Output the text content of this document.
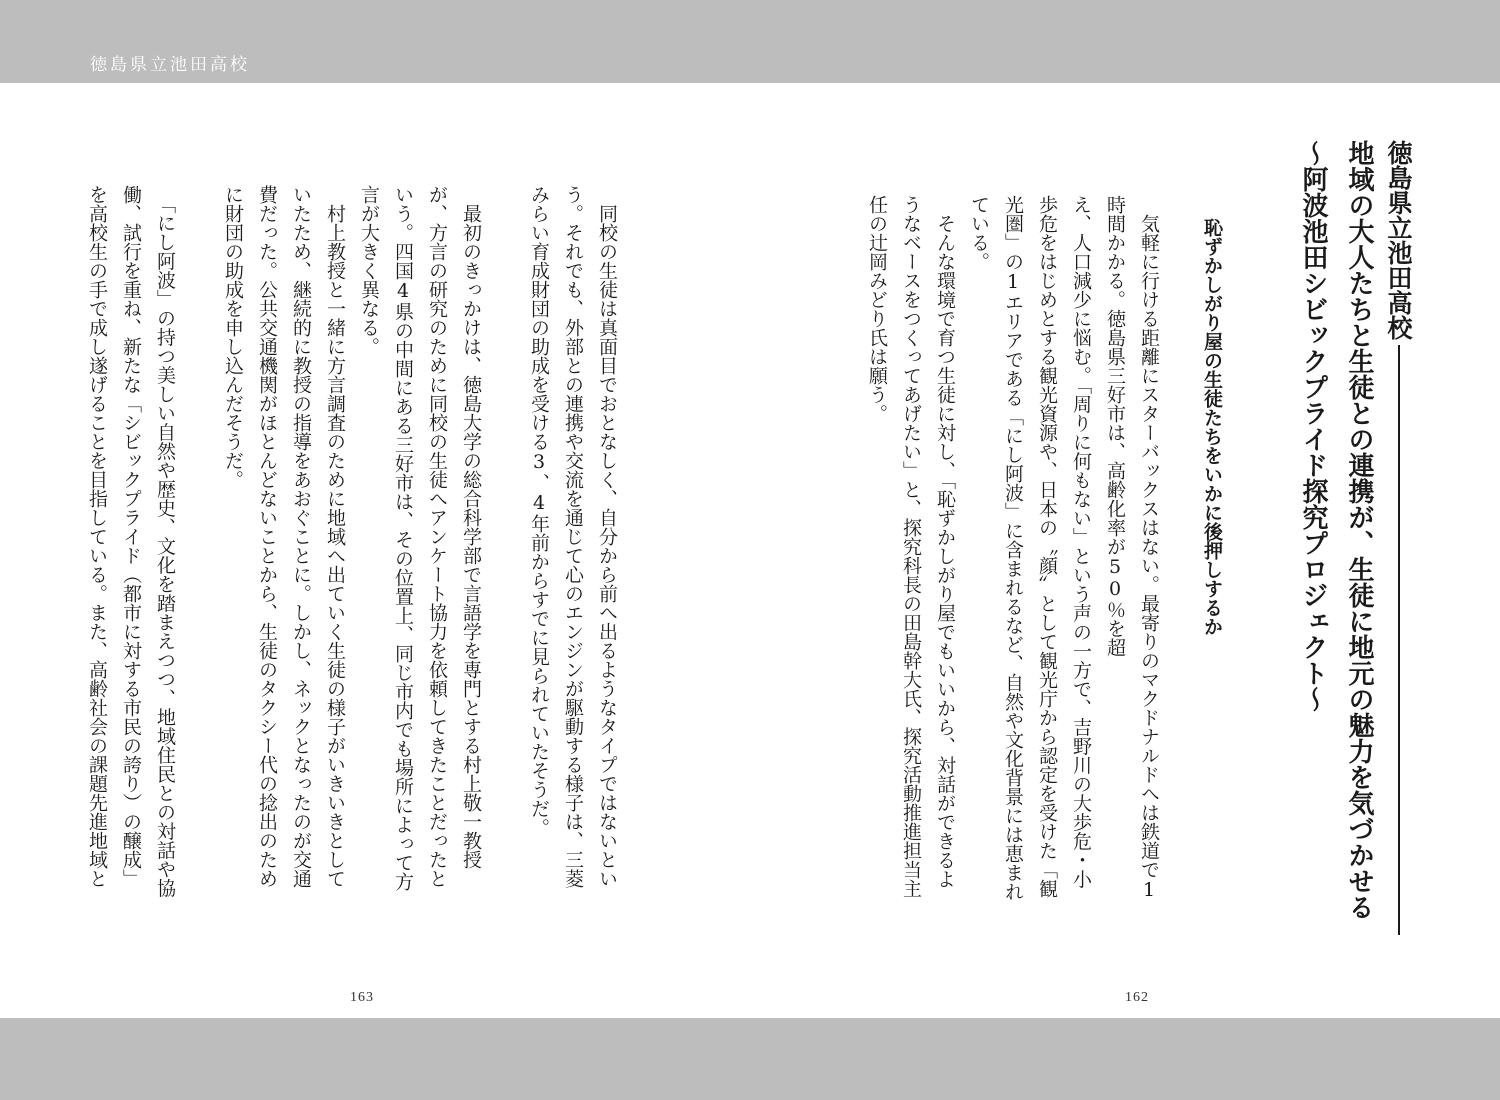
徳島県立池田高校
徳島県立池田高校
地域の大人たちと生徒との連携が、生徒に地元の魅力を気づかせる
～阿波池田シビックプライド探究プロジェクト～
恥ずかしがり屋の生徒たちをいかに後押しするか
　気軽に行ける距離にスターバックスはない。最寄りのマクドナルドへは鉄道で1
時間かかる。徳島県三好市は、高齢化率が50％を超
え、人口減少に悩む。「周りに何もない」という声の一方で、吉野川の大歩危・小
歩危をはじめとする観光資源や、日本の〝顔〟として観光庁から認定を受けた「観
光圏」の1エリアである「にし阿波」に含まれるなど、自然や文化背景には恵まれ
ている。
　そんな環境で育つ生徒に対し、「恥ずかしがり屋でもいいから、対話ができるよ
うなベースをつくってあげたい」と、探究科長の田島幹大氏、探究活動推進担当主
任の辻岡みどり氏は願う。
　同校の生徒は真面目でおとなしく、自分から前へ出るようなタイプではないとい
う。それでも、外部との連携や交流を通じて心のエンジンが駆動する様子は、三菱
みらい育成財団の助成を受ける3、4年前からすでに見られていたそうだ。
　最初のきっかけは、徳島大学の総合科学部で言語学を専門とする村上敬一教授
が、方言の研究のために同校の生徒へアンケート協力を依頼してきたことだったと
いう。四国4県の中間にある三好市は、その位置上、同じ市内でも場所によって方
言が大きく異なる。
　村上教授と一緒に方言調査のために地域へ出ていく生徒の様子がいきいきとして
いたため、継続的に教授の指導をあおぐことに。しかし、ネックとなったのが交通
費だった。公共交通機関がほとんどないことから、生徒のタクシー代の捻出のため
に財団の助成を申し込んだそうだ。
　「にし阿波」の持つ美しい自然や歴史、文化を踏まえつつ、地域住民との対話や協
働、試行を重ね、新たな「シビックプライド（都市に対する市民の誇り）の醸成」
を高校生の手で成し遂げることを目指している。また、高齢社会の課題先進地域と
163	162
